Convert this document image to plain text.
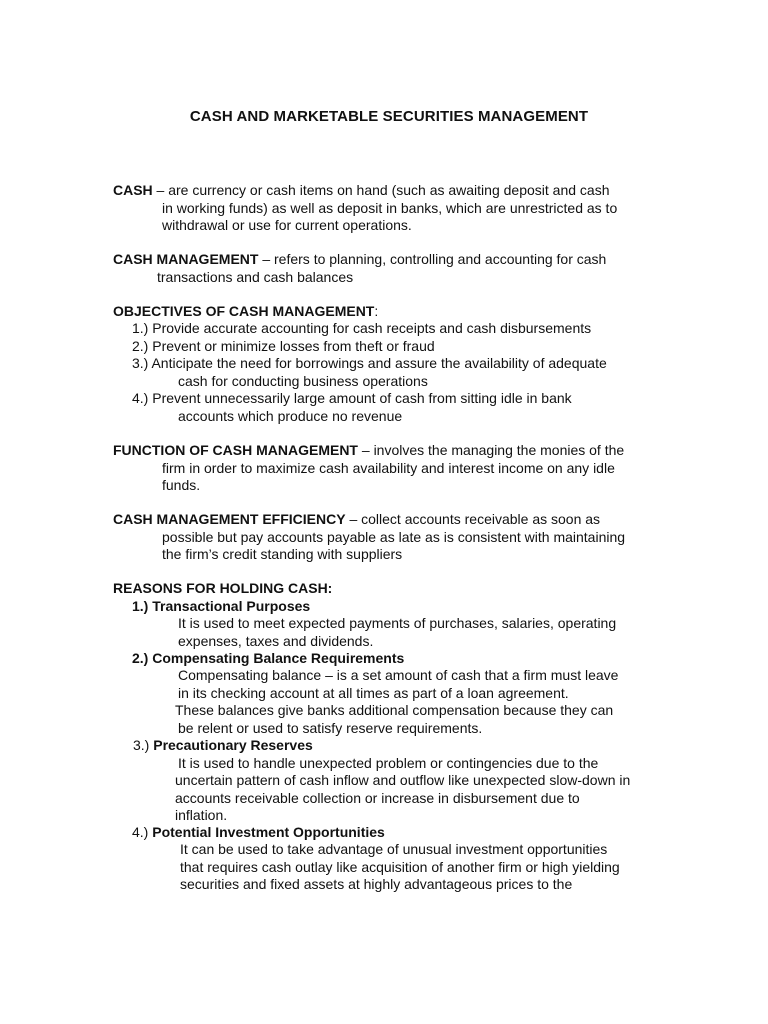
CASH AND MARKETABLE SECURITIES MANAGEMENT
CASH – are currency or cash items on hand (such as awaiting deposit and cash
in working funds) as well as deposit in banks, which are unrestricted as to
withdrawal or use for current operations.
CASH MANAGEMENT – refers to planning, controlling and accounting for cash
transactions and cash balances
OBJECTIVES OF CASH MANAGEMENT:
1.) Provide accurate accounting for cash receipts and cash disbursements
2.) Prevent or minimize losses from theft or fraud
3.) Anticipate the need for borrowings and assure the availability of adequate
cash for conducting business operations
4.) Prevent unnecessarily large amount of cash from sitting idle in bank
accounts which produce no revenue
FUNCTION OF CASH MANAGEMENT – involves the managing the monies of the
firm in order to maximize cash availability and interest income on any idle
funds.
CASH MANAGEMENT EFFICIENCY – collect accounts receivable as soon as
possible but pay accounts payable as late as is consistent with maintaining
the firm’s credit standing with suppliers
REASONS FOR HOLDING CASH:
1.) Transactional Purposes
It is used to meet expected payments of purchases, salaries, operating
expenses, taxes and dividends.
2.) Compensating Balance Requirements
Compensating balance – is a set amount of cash that a firm must leave
in its checking account at all times as part of a loan agreement.
These balances give banks additional compensation because they can
be relent or used to satisfy reserve requirements.
3.) Precautionary Reserves
It is used to handle unexpected problem or contingencies due to the
uncertain pattern of cash inflow and outflow like unexpected slow-down in
accounts receivable collection or increase in disbursement due to
inflation.
4.) Potential Investment Opportunities
It can be used to take advantage of unusual investment opportunities
that requires cash outlay like acquisition of another firm or high yielding
securities and fixed assets at highly advantageous prices to the
